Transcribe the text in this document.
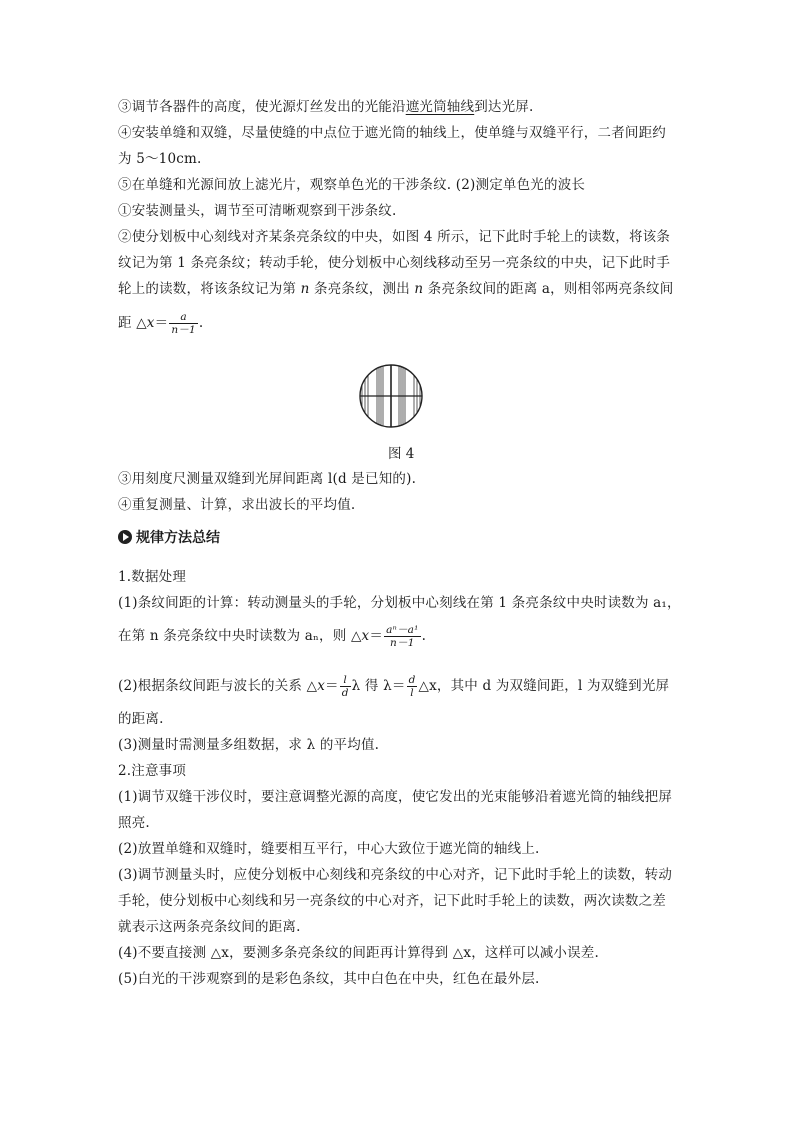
③调节各器件的高度，使光源灯丝发出的光能沿遮光筒轴线到达光屏.
④安装单缝和双缝，尽量使缝的中点位于遮光筒的轴线上，使单缝与双缝平行，二者间距约
为 5～10cm.
⑤在单缝和光源间放上滤光片，观察单色光的干涉条纹. (2)测定单色光的波长
①安装测量头，调节至可清晰观察到干涉条纹.
②使分划板中心刻线对齐某条亮条纹的中央，如图 4 所示，记下此时手轮上的读数，将该条
纹记为第 1 条亮条纹；转动手轮，使分划板中心刻线移动至另一亮条纹的中央，记下此时手
轮上的读数，将该条纹记为第 n 条亮条纹，测出 n 条亮条纹间的距离 a，则相邻两亮条纹间
距 △x＝ $\frac{a}{n-1}$ .
图 4
③用刻度尺测量双缝到光屏间距离 l(d 是已知的).
④重复测量、计算，求出波长的平均值.
规律方法总结
1.数据处理
(1)条纹间距的计算：转动测量头的手轮，分划板中心刻线在第 1 条亮条纹中央时读数为 a₁，
在第 n 条亮条纹中央时读数为 aₙ，则 △x＝ $\frac{\text{aⁿ－a¹}}{n-1}$ .
(2)根据条纹间距与波长的关系 △x＝ $\frac{l}{d}$ λ 得 $\lambda= \frac{d}{l}$ △x，其中 d 为双缝间距，l 为双缝到光屏
的距离.
(3)测量时需测量多组数据，求 λ 的平均值.
2.注意事项
(1)调节双缝干涉仪时，要注意调整光源的高度，使它发出的光束能够沿着遮光筒的轴线把屏
照亮.
(2)放置单缝和双缝时，缝要相互平行，中心大致位于遮光筒的轴线上.
(3)调节测量头时，应使分划板中心刻线和亮条纹的中心对齐，记下此时手轮上的读数，转动
手轮，使分划板中心刻线和另一亮条纹的中心对齐，记下此时手轮上的读数，两次读数之差
就表示这两条亮条纹间的距离.
(4)不要直接测 △x，要测多条亮条纹的间距再计算得到 △x，这样可以减小误差.
(5)白光的干涉观察到的是彩色条纹，其中白色在中央，红色在最外层.
